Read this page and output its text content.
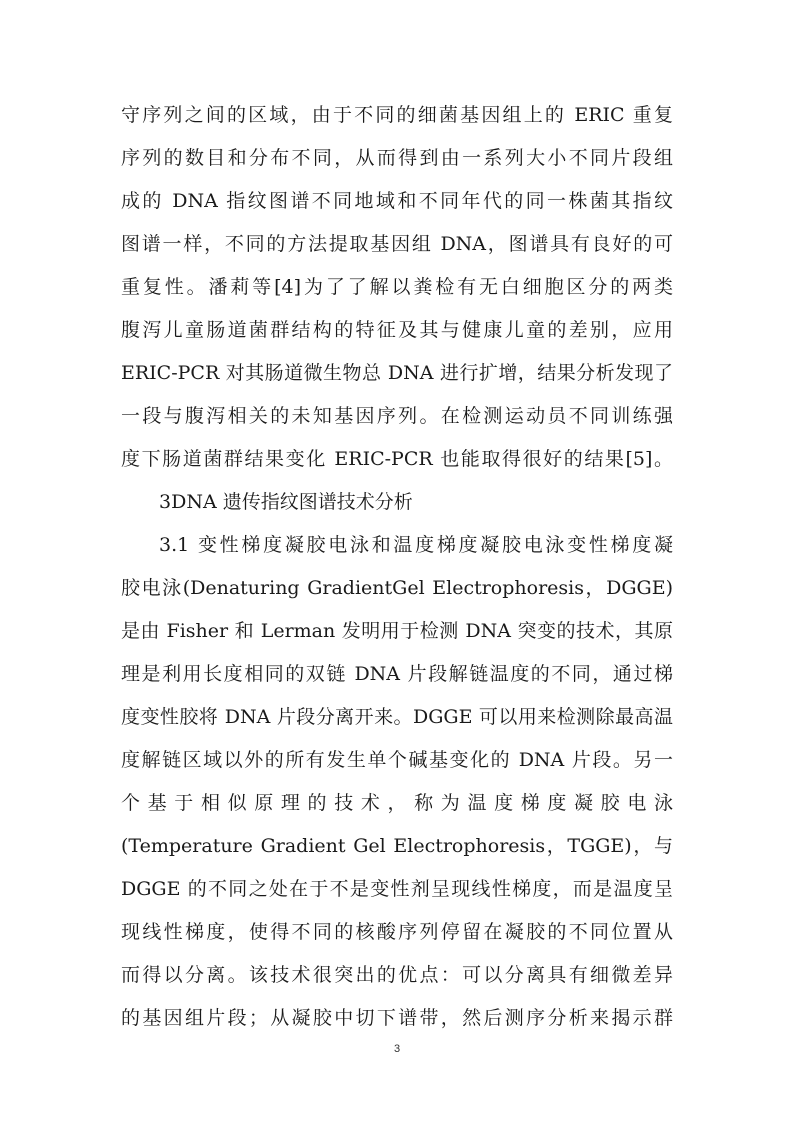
守序列之间的区域，由于不同的细菌基因组上的 ERIC 重复
序列的数目和分布不同，从而得到由一系列大小不同片段组
成的 DNA 指纹图谱不同地域和不同年代的同一株菌其指纹
图谱一样，不同的方法提取基因组 DNA，图谱具有良好的可
重复性。潘莉等[4]为了了解以粪检有无白细胞区分的两类
腹泻儿童肠道菌群结构的特征及其与健康儿童的差别，应用
ERIC-PCR 对其肠道微生物总 DNA 进行扩增，结果分析发现了
一段与腹泻相关的未知基因序列。在检测运动员不同训练强
度下肠道菌群结果变化 ERIC-PCR 也能取得很好的结果[5]。
3DNA 遗传指纹图谱技术分析
3.1 变性梯度凝胶电泳和温度梯度凝胶电泳变性梯度凝
胶电泳(Denaturing GradientGel Electrophoresis，DGGE)
是由 Fisher 和 Lerman 发明用于检测 DNA 突变的技术，其原
理是利用长度相同的双链 DNA 片段解链温度的不同，通过梯
度变性胶将 DNA 片段分离开来。DGGE 可以用来检测除最高温
度解链区域以外的所有发生单个碱基变化的 DNA 片段。另一
个基于相似原理的技术，称为温度梯度凝胶电泳
(Temperature Gradient Gel Electrophoresis，TGGE)，与
DGGE 的不同之处在于不是变性剂呈现线性梯度，而是温度呈
现线性梯度，使得不同的核酸序列停留在凝胶的不同位置从
而得以分离。该技术很突出的优点：可以分离具有细微差异
的基因组片段；从凝胶中切下谱带，然后测序分析来揭示群
3
